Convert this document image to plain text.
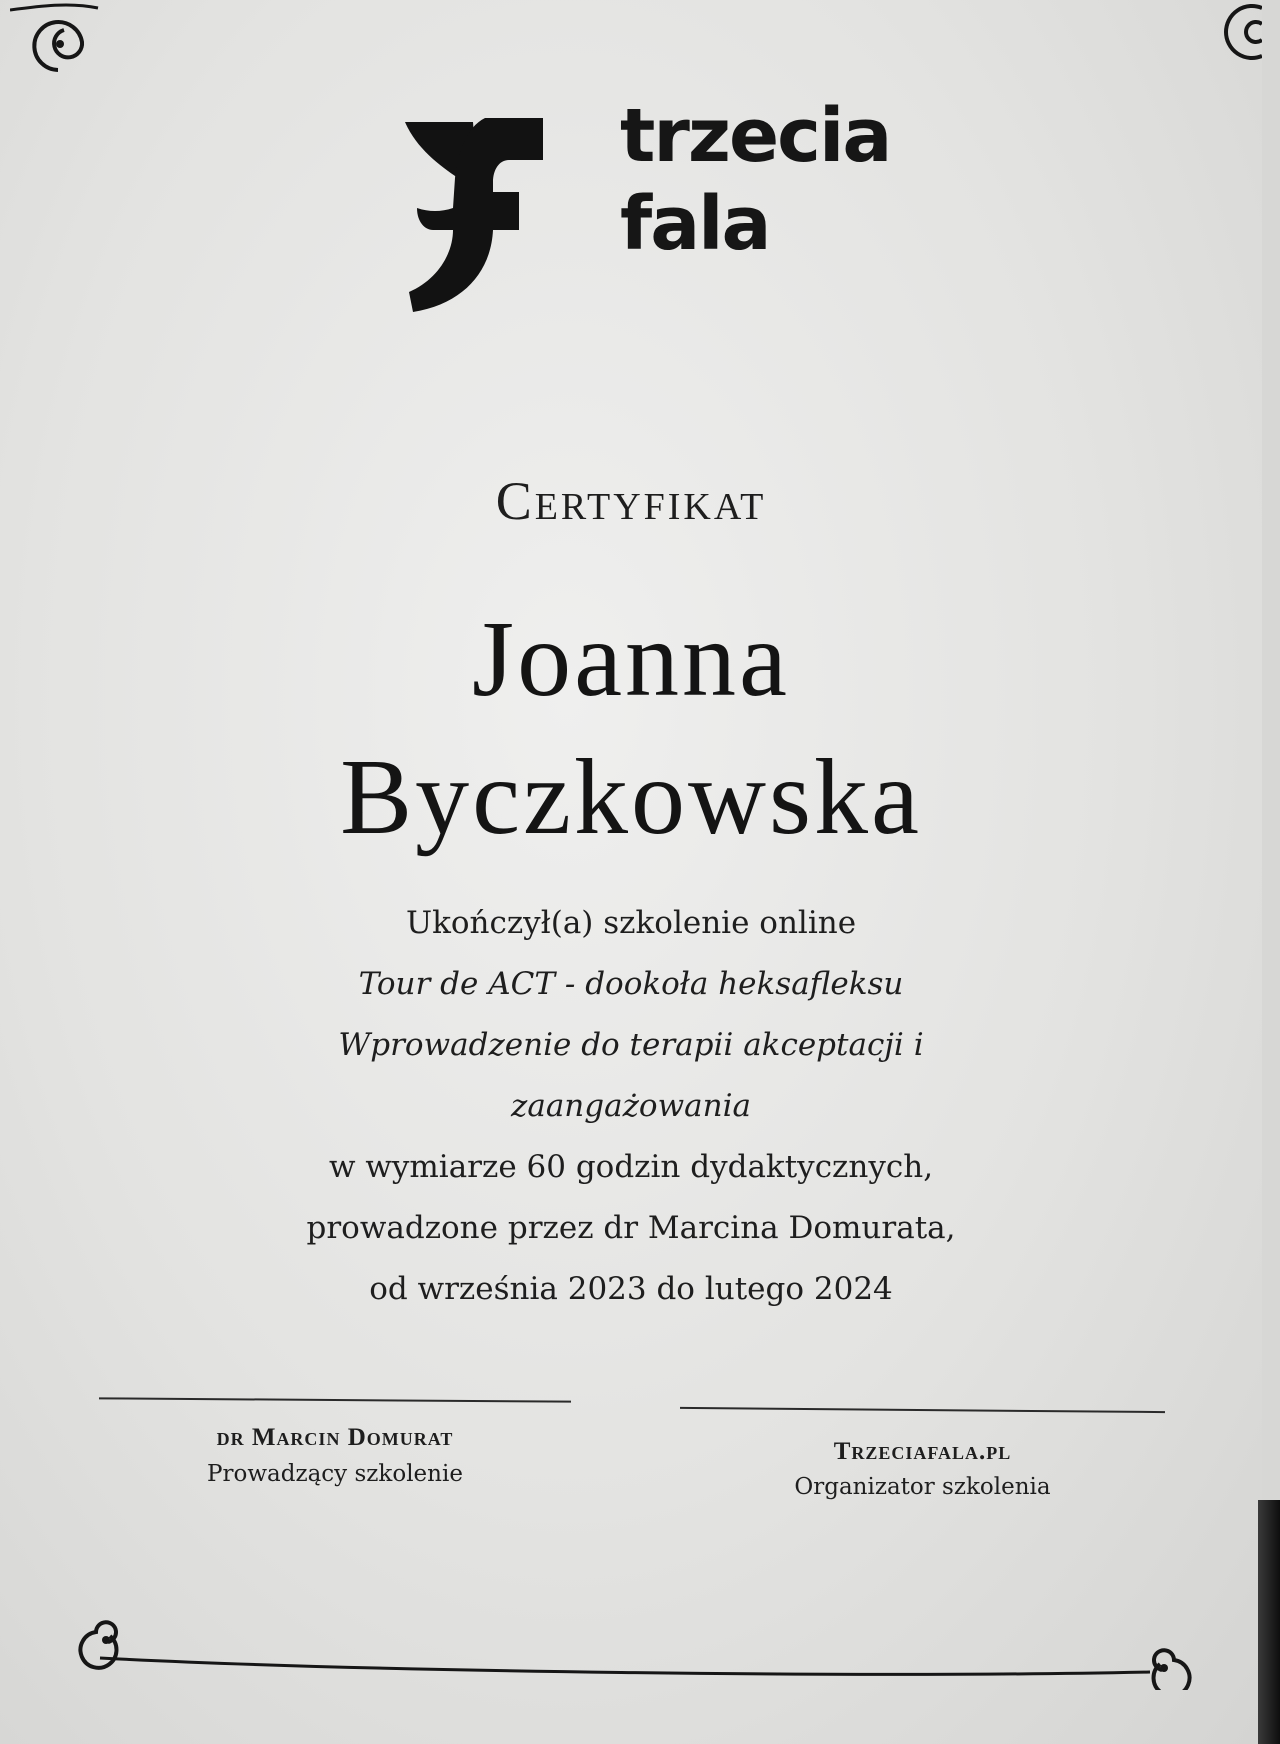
trzecia
fala
Certyfikat
Joanna
Byczkowska
Ukończył(a) szkolenie online
Tour de ACT - dookoła heksafleksu
Wprowadzenie do terapii akceptacji i
zaangażowania
w wymiarze 60 godzin dydaktycznych,
prowadzone przez dr Marcina Domurata,
od września 2023 do lutego 2024
dr Marcin Domurat
Prowadzący szkolenie
Trzeciafala.pl
Organizator szkolenia
